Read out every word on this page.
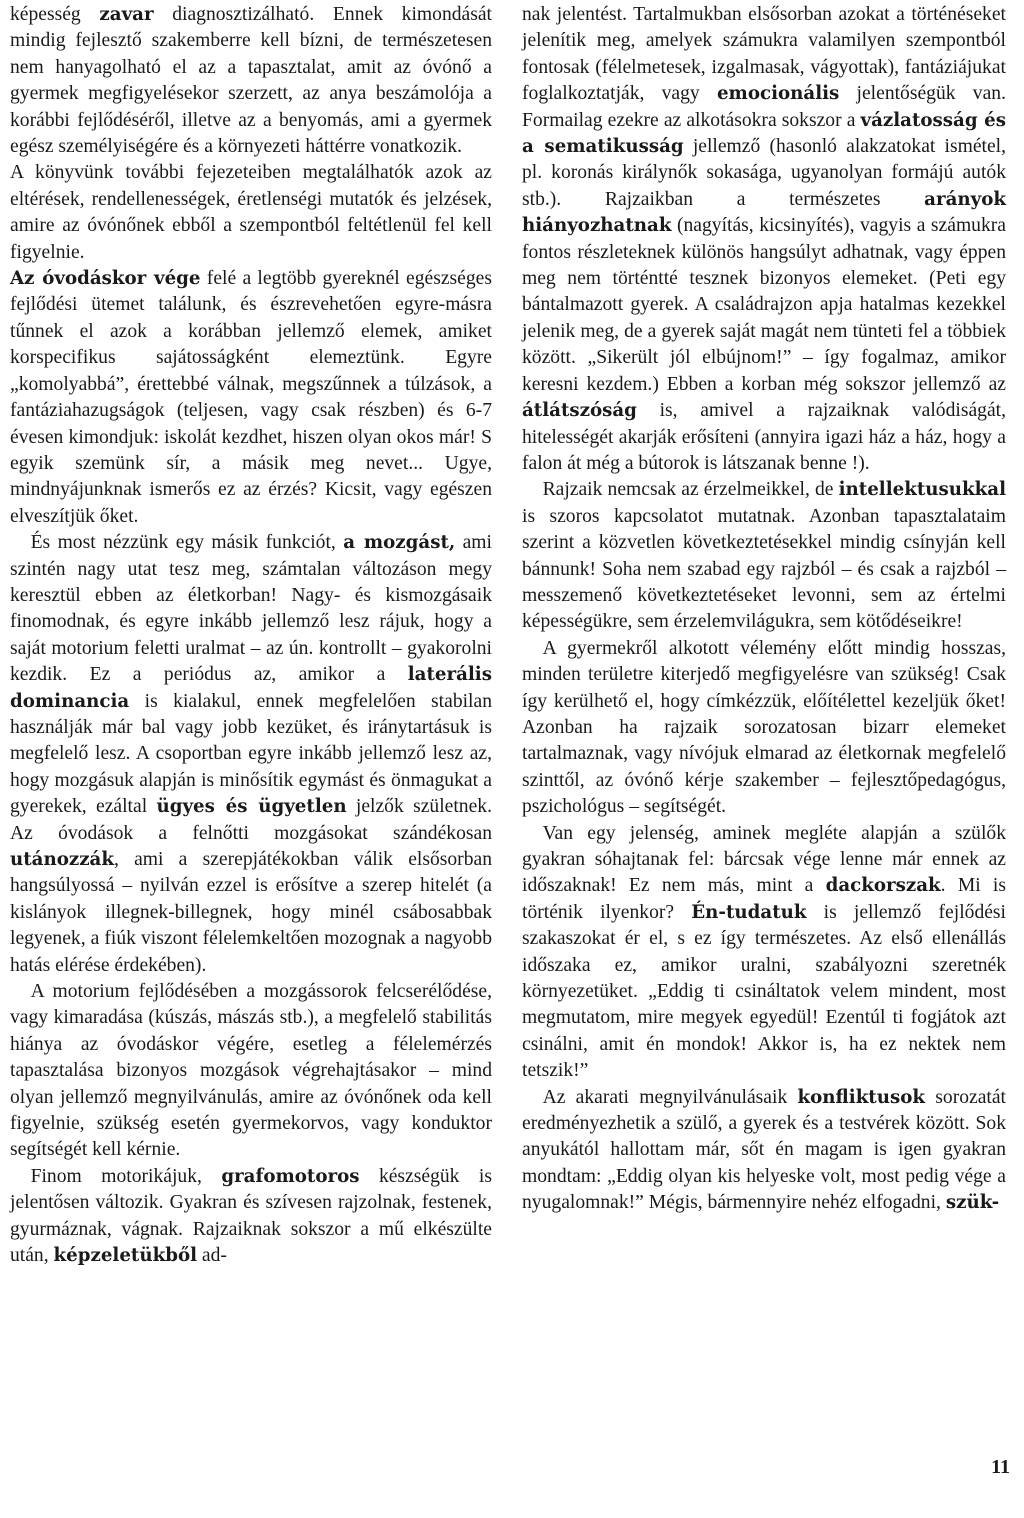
képesség zavar diagnosztizálható. Ennek kimondását mindig fejlesztő szakemberre kell bízni, de természetesen nem hanyagolható el az a tapasztalat, amit az óvónő a gyermek megfigyelésekor szerzett, az anya beszámolója a korábbi fejlődéséről, illetve az a benyomás, ami a gyermek egész személyiségére és a környezeti háttérre vonatkozik.

A könyvünk további fejezeteiben megtalálhatók azok az eltérések, rendellenességek, éretlenségi mutatók és jelzések, amire az óvónőnek ebből a szempontból feltétlenül fel kell figyelnie.

Az óvodáskor vége felé a legtöbb gyereknél egészséges fejlődési ütemet találunk, és észrevehetően egyre-másra tűnnek el azok a korábban jellemző elemek, amiket korspecifikus sajátosságként elemeztünk. Egyre „komolyabbá”, érettebbé válnak, megszűnnek a túlzások, a fantáziahazugságok (teljesen, vagy csak részben) és 6-7 évesen kimondjuk: iskolát kezdhet, hiszen olyan okos már! S egyik szemünk sír, a másik meg nevet... Ugye, mindnyájunknak ismerős ez az érzés? Kicsit, vagy egészen elveszítjük őket.

És most nézzünk egy másik funkciót, a mozgást, ami szintén nagy utat tesz meg, számtalan változáson megy keresztül ebben az életkorban! Nagy- és kismozgásaik finomodnak, és egyre inkább jellemző lesz rájuk, hogy a saját motorium feletti uralmat – az ún. kontrollt – gyakorolni kezdik. Ez a periódus az, amikor a laterális dominancia is kialakul, ennek megfelelően stabilan használják már bal vagy jobb kezüket, és iránytartásuk is megfelelő lesz. A csoportban egyre inkább jellemző lesz az, hogy mozgásuk alapján is minősítik egymást és önmagukat a gyerekek, ezáltal ügyes és ügyetlen jelzők születnek. Az óvodások a felnőtti mozgásokat szándékosan utánozzák, ami a szerepjátékokban válik elsősorban hangsúlyossá – nyilván ezzel is erősítve a szerep hitelét (a kislányok illegnek-billegnek, hogy minél csábosabbak legyenek, a fiúk viszont félelemkeltően mozognak a nagyobb hatás elérése érdekében).

A motorium fejlődésében a mozgássorok felcserélődése, vagy kimaradása (kúszás, mászás stb.), a megfelelő stabilitás hiánya az óvodáskor végére, esetleg a félelemérzés tapasztalása bizonyos mozgások végrehajtásakor – mind olyan jellemző megnyilvánulás, amire az óvónőnek oda kell figyelnie, szükség esetén gyermekorvos, vagy konduktor segítségét kell kérnie.

Finom motorikájuk, grafomotoros készségük is jelentősen változik. Gyakran és szívesen rajzolnak, festenek, gyurmáznak, vágnak. Rajzaiknak sokszor a mű elkészülte után, képzeletükből ad-

nak jelentést. Tartalmukban elsősorban azokat a történéseket jelenítik meg, amelyek számukra valamilyen szempontból fontosak (félelmetesek, izgalmasak, vágyottak), fantáziájukat foglalkoztatják, vagy emocionális jelentőségük van. Formailag ezekre az alkotásokra sokszor a vázlatosság és a sematikusság jellemző (hasonló alakzatokat ismétel, pl. koronás királynők sokasága, ugyanolyan formájú autók stb.). Rajzaikban a természetes arányok hiányozhatnak (nagyítás, kicsinyítés), vagyis a számukra fontos részleteknek különös hangsúlyt adhatnak, vagy éppen meg nem történtté tesznek bizonyos elemeket. (Peti egy bántalmazott gyerek. A családrajzon apja hatalmas kezekkel jelenik meg, de a gyerek saját magát nem tünteti fel a többiek között. „Sikerült jól elbújnom!” – így fogalmaz, amikor keresni kezdem.) Ebben a korban még sokszor jellemző az átlátszóság is, amivel a rajzaiknak valódiságát, hitelességét akarják erősíteni (annyira igazi ház a ház, hogy a falon át még a bútorok is látszanak benne !).

Rajzaik nemcsak az érzelmeikkel, de intellektusukkal is szoros kapcsolatot mutatnak. Azonban tapasztalataim szerint a közvetlen következtetésekkel mindig csínyján kell bánnunk! Soha nem szabad egy rajzból – és csak a rajzból – messzemenő következtetéseket levonni, sem az értelmi képességükre, sem érzelemvilágukra, sem kötődéseikre!

A gyermekről alkotott vélemény előtt mindig hosszas, minden területre kiterjedő megfigyelésre van szükség! Csak így kerülhető el, hogy címkézzük, előítélettel kezeljük őket! Azonban ha rajzaik sorozatosan bizarr elemeket tartalmaznak, vagy nívójuk elmarad az életkornak megfelelő szinttől, az óvónő kérje szakember – fejlesztőpedagógus, pszichológus – segítségét.

Van egy jelenség, aminek megléte alapján a szülők gyakran sóhajtanak fel: bárcsak vége lenne már ennek az időszaknak! Ez nem más, mint a dackorszak. Mi is történik ilyenkor? Én-tudatuk is jellemző fejlődési szakaszokat ér el, s ez így természetes. Az első ellenállás időszaka ez, amikor uralni, szabályozni szeretnék környezetüket. „Eddig ti csináltatok velem mindent, most megmutatom, mire megyek egyedül! Ezentúl ti fogjátok azt csinálni, amit én mondok! Akkor is, ha ez nektek nem tetszik!”

Az akarati megnyilvánulásaik konfliktusok sorozatát eredményezhetik a szülő, a gyerek és a testvérek között. Sok anyukától hallottam már, sőt én magam is igen gyakran mondtam: „Eddig olyan kis helyeske volt, most pedig vége a nyugalomnak!” Mégis, bármennyire nehéz elfogadni, szük-

11
